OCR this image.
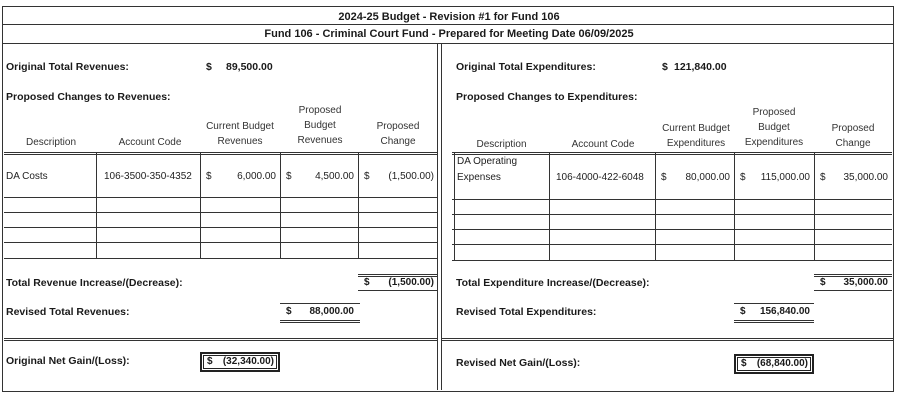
2024-25 Budget - Revision #1 for Fund 106
Fund 106 - Criminal Court Fund - Prepared for Meeting Date 06/09/2025
Original Total Revenues:	$ 89,500.00
Proposed Changes to Revenues:
Description	Account Code
Current Budget
Revenues
Proposed
Budget
Revenues
Proposed
Change
DA Costs	106-3500-350-4352 $	6,000.00 $	4,500.00 $	(1,500.00)
Total Revenue Increase/(Decrease):	$	(1,500.00)
Revised Total Revenues:	$	88,000.00
Original Net Gain/(Loss):	$ (32,340.00)
Original Total Expenditures:	$ 121,840.00
Proposed Changes to Expenditures:
Description	Account Code
Current Budget
Expenditures
Proposed
Budget
Expenditures
Proposed
Change
DA Operating
Expenses	106-4000-422-6048 $	80,000.00 $	115,000.00 $	35,000.00
Total Expenditure Increase/(Decrease):	$	35,000.00
Revised Total Expenditures:	$	156,840.00
Revised Net Gain/(Loss):	$ (68,840.00)
